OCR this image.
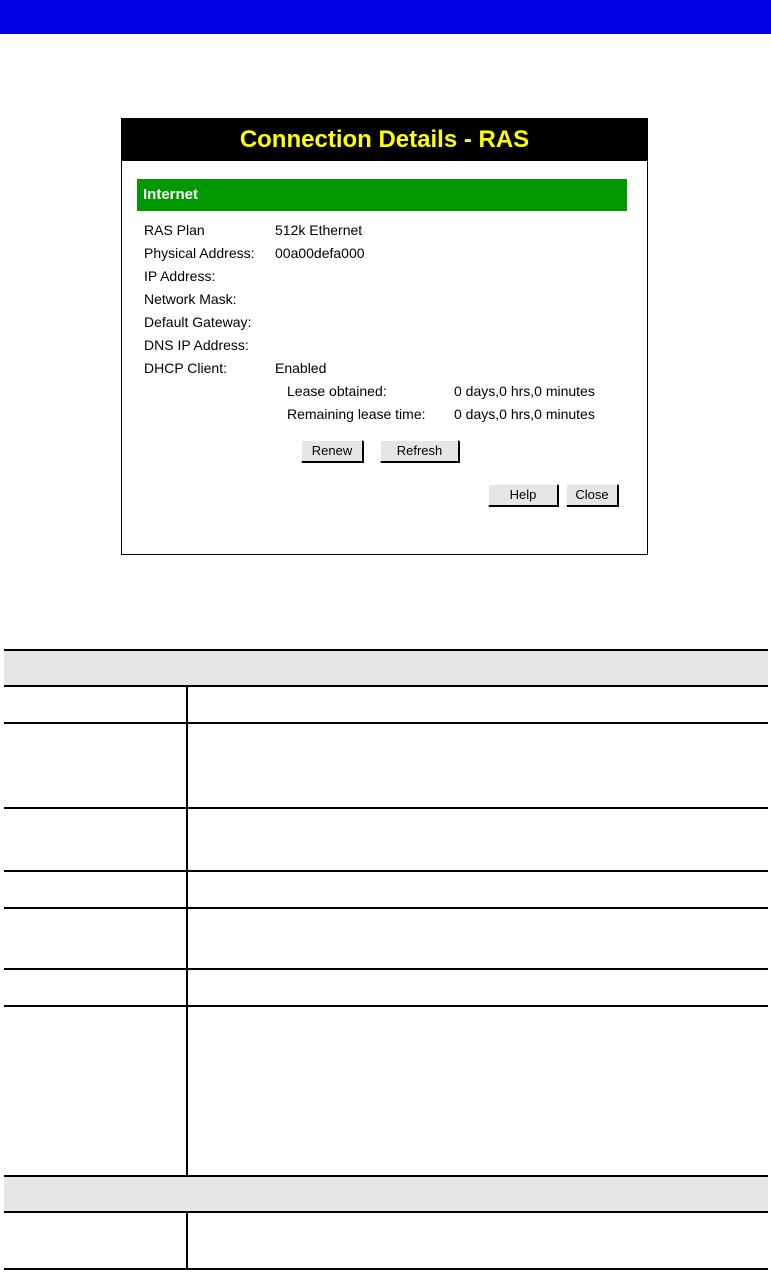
Connection Details - RAS
Internet
RAS Plan	512k Ethernet
Physical Address: 00a00defa000
IP Address:
Network Mask:
Default Gateway:
DNS IP Address:
DHCP Client:	Enabled
Lease obtained:	0 days,0 hrs,0 minutes
Remaining lease time: 0 days,0 hrs,0 minutes
Renew	Refresh
Help	Close
